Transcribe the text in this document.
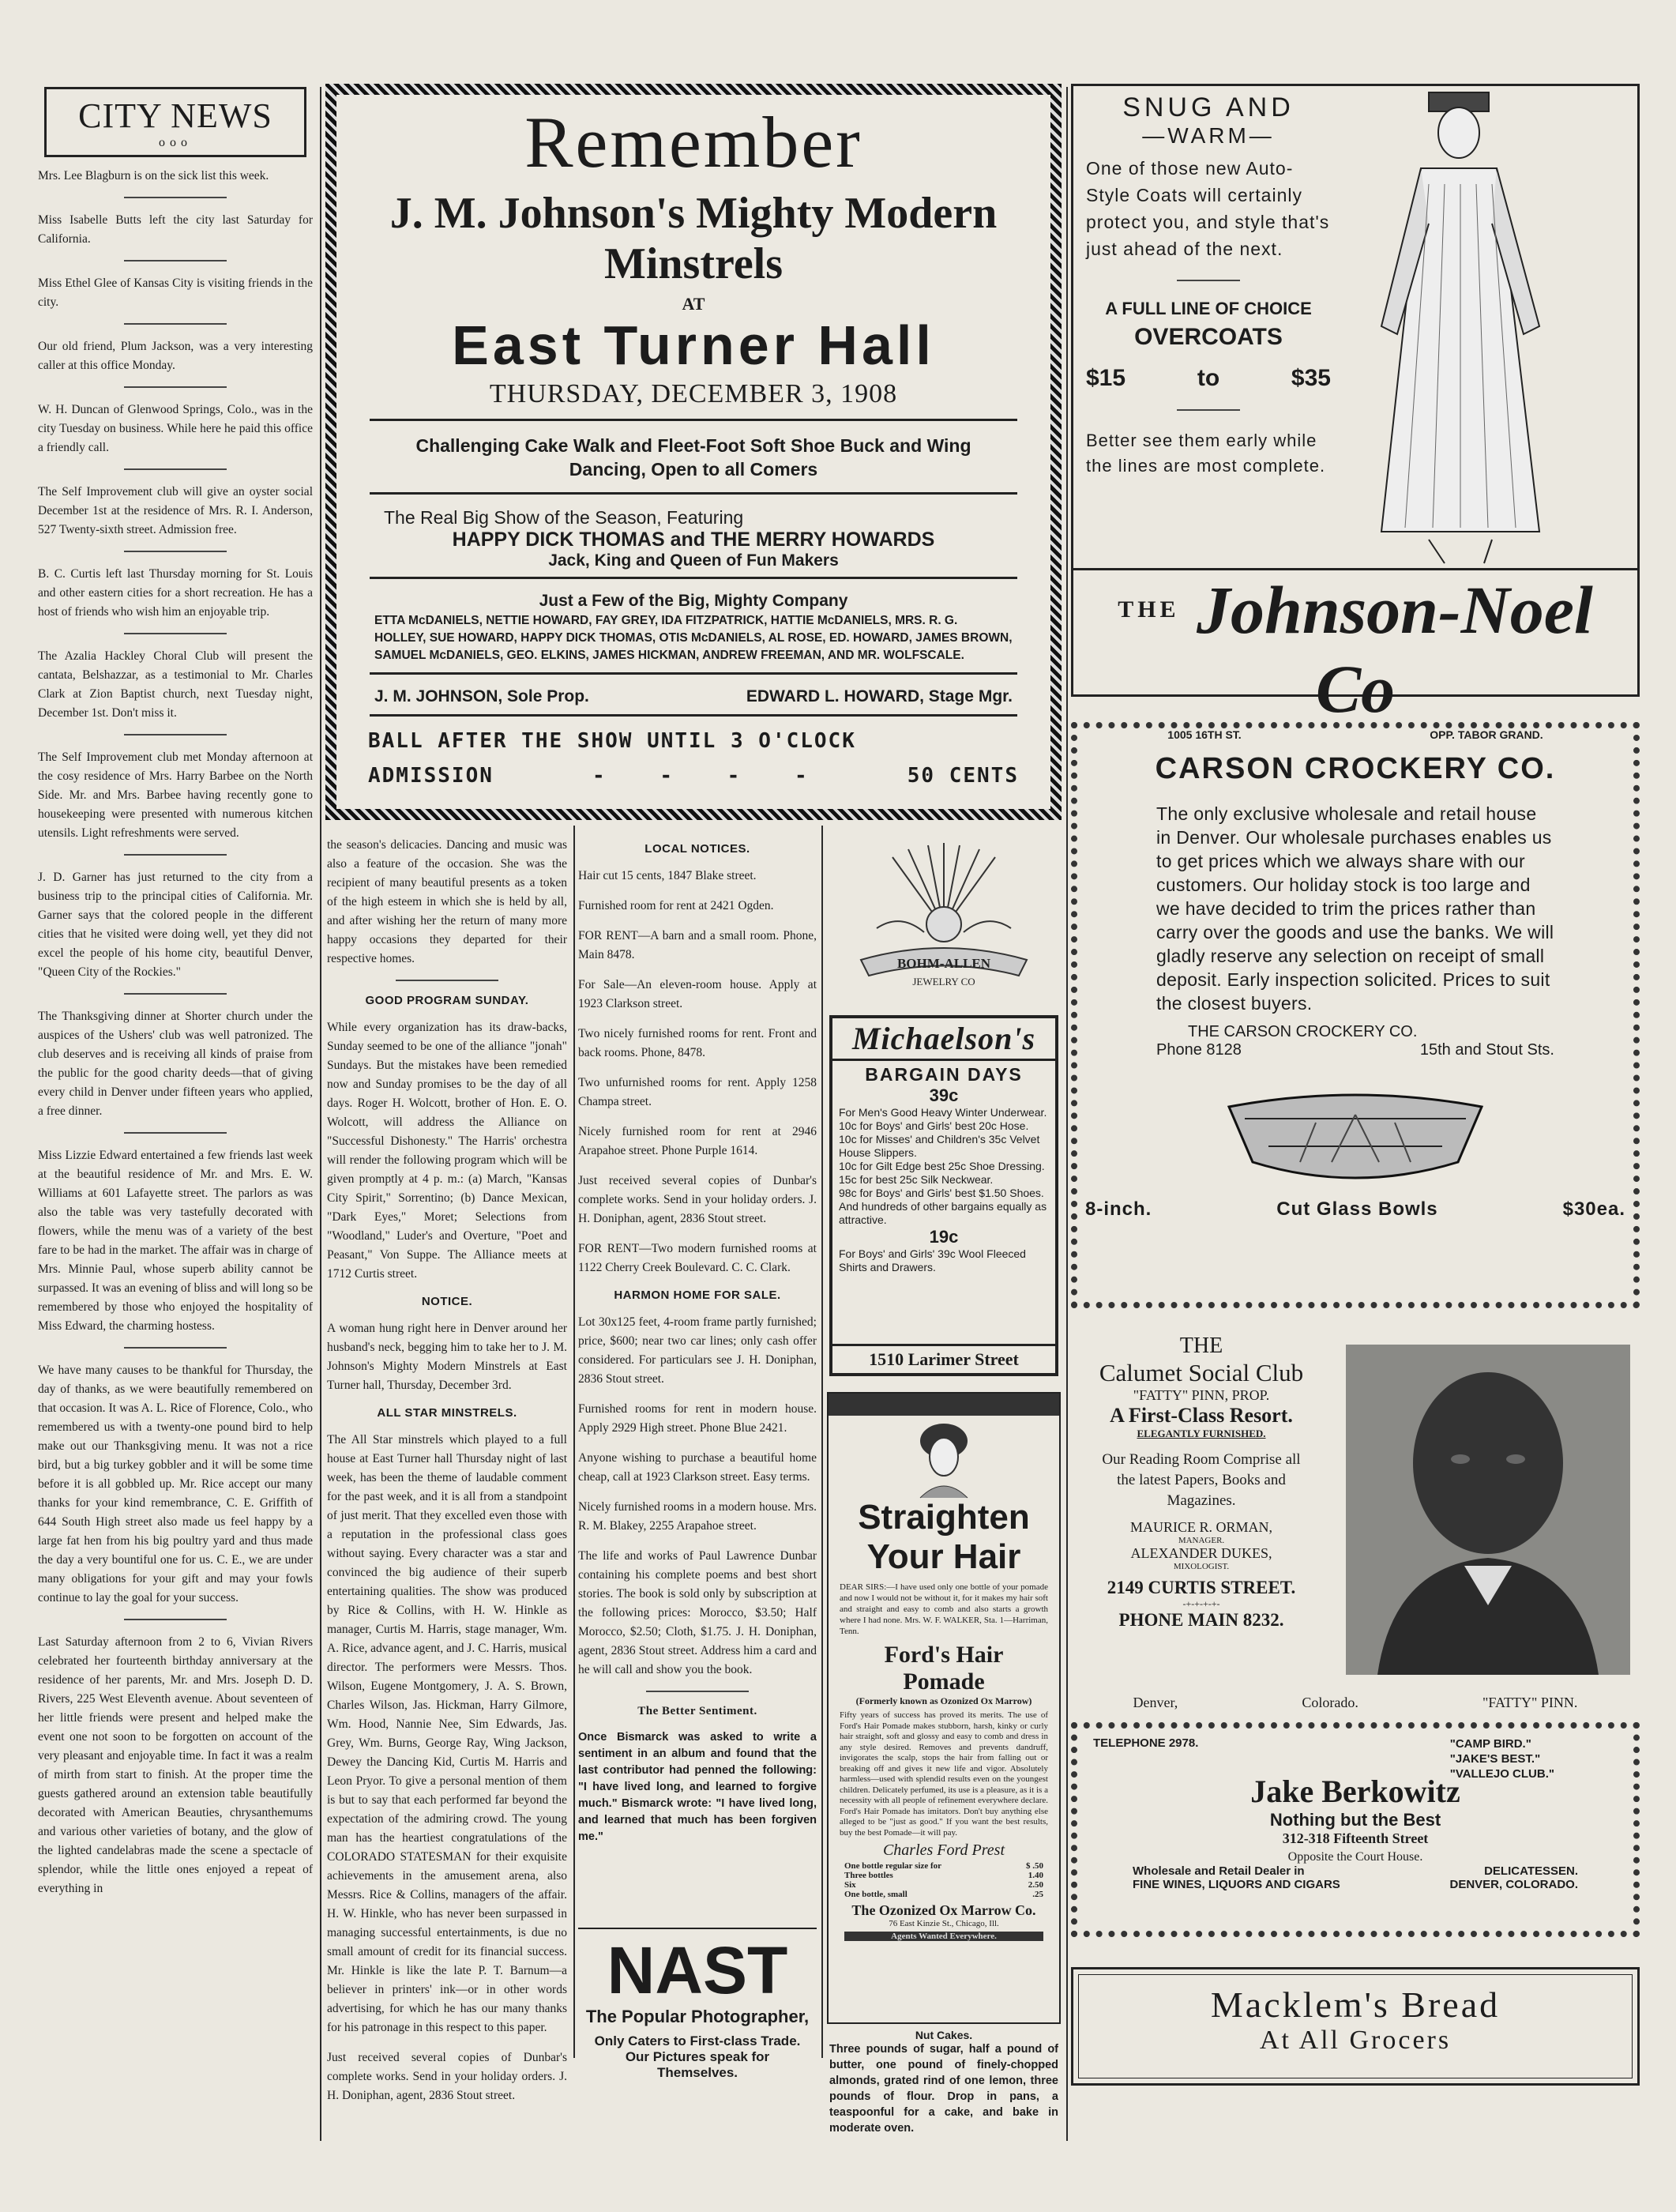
CITY NEWS
ooo

Mrs. Lee Blagburn is on the sick list this week.

Miss Isabelle Butts left the city last Saturday for California.

Miss Ethel Glee of Kansas City is visiting friends in the city.

Our old friend, Plum Jackson, was a very interesting caller at this office Monday.

W. H. Duncan of Glenwood Springs, Colo., was in the city Tuesday on business. While here he paid this office a friendly call.

The Self Improvement club will give an oyster social December 1st at the residence of Mrs. R. I. Anderson, 527 Twenty-sixth street. Admission free.

B. C. Curtis left last Thursday morning for St. Louis and other eastern cities for a short recreation. He has a host of friends who wish him an enjoyable trip.

The Azalia Hackley Choral Club will present the cantata, Belshazzar, as a testimonial to Mr. Charles Clark at Zion Baptist church, next Tuesday night, December 1st. Don't miss it.

The Self Improvement club met Monday afternoon at the cosy residence of Mrs. Harry Barbee on the North Side. Mr. and Mrs. Barbee having recently gone to housekeeping were presented with numerous kitchen utensils. Light refreshments were served.

J. D. Garner has just returned to the city from a business trip to the principal cities of California. Mr. Garner says that the colored people in the different cities that he visited were doing well, yet they did not excel the people of his home city, beautiful Denver, "Queen City of the Rockies."

The Thanksgiving dinner at Shorter church under the auspices of the Ushers' club was well patronized. The club deserves and is receiving all kinds of praise from the public for the good charity deeds—that of giving every child in Denver under fifteen years who applied, a free dinner.

Miss Lizzie Edward entertained a few friends last week at the beautiful residence of Mr. and Mrs. E. W. Williams at 601 Lafayette street. The parlors as was also the table was very tastefully decorated with flowers, while the menu was of a variety of the best fare to be had in the market. The affair was in charge of Mrs. Minnie Paul, whose superb ability cannot be surpassed. It was an evening of bliss and will long so be remembered by those who enjoyed the hospitality of Miss Edward, the charming hostess.

We have many causes to be thankful for Thursday, the day of thanks, as we were beautifully remembered on that occasion. It was A. L. Rice of Florence, Colo., who remembered us with a twenty-one pound bird to help make out our Thanksgiving menu. It was not a rice bird, but a big turkey gobbler and it will be some time before it is all gobbled up. Mr. Rice accept our many thanks for your kind remembrance, C. E. Griffith of 644 South High street also made us feel happy by a large fat hen from his big poultry yard and thus made the day a very bountiful one for us. C. E., we are under many obligations for your gift and may your fowls continue to lay the goal for your success.

Last Saturday afternoon from 2 to 6, Vivian Rivers celebrated her fourteenth birthday anniversary at the residence of her parents, Mr. and Mrs. Joseph D. D. Rivers, 225 West Eleventh avenue. About seventeen of her little friends were present and helped make the event one not soon to be forgotten on account of the very pleasant and enjoyable time. In fact it was a realm of mirth from start to finish. At the proper time the guests gathered around an extension table beautifully decorated with American Beauties, chrysanthemums and various other varieties of botany, and the glow of the lighted candelabras made the scene a spectacle of splendor, while the little ones enjoyed a repeat of everything in

Remember
J. M. Johnson's Mighty Modern Minstrels
AT
East Turner Hall
THURSDAY, DECEMBER 3, 1908
Challenging Cake Walk and Fleet-Foot Soft Shoe Buck and Wing Dancing, Open to all Comers
The Real Big Show of the Season, Featuring
HAPPY DICK THOMAS and THE MERRY HOWARDS
Jack, King and Queen of Fun Makers
Just a Few of the Big, Mighty Company
ETTA McDANIELS, NETTIE HOWARD, FAY GREY, IDA FITZPATRICK, HATTIE McDANIELS, MRS. R. G. HOLLEY, SUE HOWARD, HAPPY DICK THOMAS, OTIS McDANIELS, AL ROSE, ED. HOWARD, JAMES BROWN, SAMUEL McDANIELS, GEO. ELKINS, JAMES HICKMAN, ANDREW FREEMAN, AND MR. WOLFSCALE.
J. M. JOHNSON, Sole Prop.	EDWARD L. HOWARD, Stage Mgr.
BALL AFTER THE SHOW UNTIL 3 O'CLOCK
ADMISSION	- - - -	50 CENTS

the season's delicacies. Dancing and music was also a feature of the occasion. She was the recipient of many beautiful presents as a token of the high esteem in which she is held by all, and after wishing her the return of many more happy occasions they departed for their respective homes.

GOOD PROGRAM SUNDAY.

While every organization has its draw-backs, Sunday seemed to be one of the alliance "jonah" Sundays. But the mistakes have been remedied now and Sunday promises to be the day of all days. Roger H. Wolcott, brother of Hon. E. O. Wolcott, will address the Alliance on "Successful Dishonesty." The Harris' orchestra will render the following program which will be given promptly at 4 p. m.: (a) March, "Kansas City Spirit," Sorrentino; (b) Dance Mexican, "Dark Eyes," Moret; Selections from "Woodland," Luder's and Overture, "Poet and Peasant," Von Suppe. The Alliance meets at 1712 Curtis street.

NOTICE.

A woman hung right here in Denver around her husband's neck, begging him to take her to J. M. Johnson's Mighty Modern Minstrels at East Turner hall, Thursday, December 3rd.

ALL STAR MINSTRELS.

The All Star minstrels which played to a full house at East Turner hall Thursday night of last week, has been the theme of laudable comment for the past week, and it is all from a standpoint of just merit. That they excelled even those with a reputation in the professional class goes without saying. Every character was a star and convinced the big audience of their superb entertaining qualities. The show was produced by Rice & Collins, with H. W. Hinkle as manager, Curtis M. Harris, stage manager, Wm. A. Rice, advance agent, and J. C. Harris, musical director. The performers were Messrs. Thos. Wilson, Eugene Montgomery, J. A. S. Brown, Charles Wilson, Jas. Hickman, Harry Gilmore, Wm. Hood, Nannie Nee, Sim Edwards, Jas. Grey, Wm. Burns, George Ray, Wing Jackson, Dewey the Dancing Kid, Curtis M. Harris and Leon Pryor. To give a personal mention of them is but to say that each performed far beyond the expectation of the admiring crowd. The young man has the heartiest congratulations of the COLORADO STATESMAN for their exquisite achievements in the amusement arena, also Messrs. Rice & Collins, managers of the affair. H. W. Hinkle, who has never been surpassed in managing successful entertainments, is due no small amount of credit for its financial success. Mr. Hinkle is like the late P. T. Barnum—a believer in printers' ink—or in other words advertising, for which he has our many thanks for his patronage in this respect to this paper.

Just received several copies of Dunbar's complete works. Send in your holiday orders. J. H. Doniphan, agent, 2836 Stout street.

LOCAL NOTICES.

Hair cut 15 cents, 1847 Blake street.

Furnished room for rent at 2421 Ogden.

FOR RENT—A barn and a small room. Phone, Main 8478.

For Sale—An eleven-room house. Apply at 1923 Clarkson street.

Two nicely furnished rooms for rent. Front and back rooms. Phone, 8478.

Two unfurnished rooms for rent. Apply 1258 Champa street.

Nicely furnished room for rent at 2946 Arapahoe street. Phone Purple 1614.

Just received several copies of Dunbar's complete works. Send in your holiday orders. J. H. Doniphan, agent, 2836 Stout street.

FOR RENT—Two modern furnished rooms at 1122 Cherry Creek Boulevard. C. C. Clark.

HARMON HOME FOR SALE.

Lot 30x125 feet, 4-room frame partly furnished; price, $600; near two car lines; only cash offer considered. For particulars see J. H. Doniphan, 2836 Stout street.

Furnished rooms for rent in modern house. Apply 2929 High street. Phone Blue 2421.

Anyone wishing to purchase a beautiful home cheap, call at 1923 Clarkson street. Easy terms.

Nicely furnished rooms in a modern house. Mrs. R. M. Blakey, 2255 Arapahoe street.

The life and works of Paul Lawrence Dunbar containing his complete poems and best short stories. The book is sold only by subscription at the following prices: Morocco, $3.50; Half Morocco, $2.50; Cloth, $1.75. J. H. Doniphan, agent, 2836 Stout street. Address him a card and he will call and show you the book.

The Better Sentiment.

Once Bismarck was asked to write a sentiment in an album and found that the last contributor had penned the following: "I have lived long, and learned to forgive much." Bismarck wrote: "I have lived long, and learned that much has been forgiven me."

NAST
The Popular Photographer,
Only Caters to First-class Trade.
Our Pictures speak for Themselves.
BOHM-ALLEN
JEWELRY CO
Michaelson's
BARGAIN DAYS
39c
For Men's Good Heavy Winter Underwear.
10c for Boys' and Girls' best 20c Hose.
10c for Misses' and Children's 35c Velvet House Slippers.
10c for Gilt Edge best 25c Shoe Dressing.
15c for best 25c Silk Neckwear.
98c for Boys' and Girls' best $1.50 Shoes.
And hundreds of other bargains equally as attractive.
19c
For Boys' and Girls' 39c Wool Fleeced Shirts and Drawers.
1510 Larimer Street
Straighten
Your Hair
DEAR SIRS:—I have used only one bottle of your pomade and now I would not be without it, for it makes my hair soft and straight and easy to comb and also starts a growth where I had none. Mrs. W. F. WALKER, Sta. 1—Harriman, Tenn.
Ford's Hair Pomade
(Formerly known as Ozonized Ox Marrow)
Fifty years of success has proved its merits. The use of Ford's Hair Pomade makes stubborn, harsh, kinky or curly hair straight, soft and glossy and easy to comb and dress in any style desired. Removes and prevents dandruff, invigorates the scalp, stops the hair from falling out or breaking off and gives it new life and vigor. Absolutely harmless—used with splendid results even on the youngest children. Delicately perfumed, its use is a pleasure, as it is a necessity with all people of refinement everywhere declare. Ford's Hair Pomade has imitators. Don't buy anything else alleged to be "just as good." If you want the best results, buy the best Pomade—it will pay.
Charles Ford Prest
One bottle regular size for	$ .50
Three bottles	1.40
Six	2.50
One bottle, small	.25
The Ozonized Ox Marrow Co.
76 East Kinzie St., Chicago, Ill.
Agents Wanted Everywhere.
Nut Cakes.

Three pounds of sugar, half a pound of butter, one pound of finely-chopped almonds, grated rind of one lemon, three pounds of flour. Drop in pans, a teaspoonful for a cake, and bake in moderate oven.

SNUG AND
—WARM—
One of those new Auto-Style Coats will certainly protect you, and style that's just ahead of the next.
A FULL LINE OF CHOICE
OVERCOATS
$15	to	$35
Better see them early while the lines are most complete.
$^{THE}$ Johnson-Noel Co
1005 16TH ST.	OPP. TABOR GRAND.
CARSON CROCKERY CO.
The only exclusive wholesale and retail house in Denver. Our wholesale purchases enables us to get prices which we always share with our customers. Our holiday stock is too large and we have decided to trim the prices rather than carry over the goods and use the banks. We will gladly reserve any selection on receipt of small deposit. Early inspection solicited. Prices to suit the closest buyers.
THE CARSON CROCKERY CO.
Phone 8128	15th and Stout Sts.
8-inch.	Cut Glass Bowls	$30ea.
THE
Calumet Social Club
"FATTY" PINN, PROP.
A First-Class Resort.
ELEGANTLY FURNISHED.
Our Reading Room Comprise all the latest Papers, Books and Magazines.
MAURICE R. ORMAN,
MANAGER.
ALEXANDER DUKES,
MIXOLOGIST.
2149 CURTIS STREET.
-+-+-+-+-
PHONE MAIN 8232.
Denver,	Colorado.	"FATTY" PINN.
TELEPHONE 2978.	"CAMP BIRD."
"JAKE'S BEST."
"VALLEJO CLUB."
Jake Berkowitz
Nothing but the Best
312-318 Fifteenth Street
Opposite the Court House.
Wholesale and Retail Dealer in	DELICATESSEN.
FINE WINES, LIQUORS AND CIGARS	DENVER, COLORADO.
Macklem's Bread
At All Grocers
